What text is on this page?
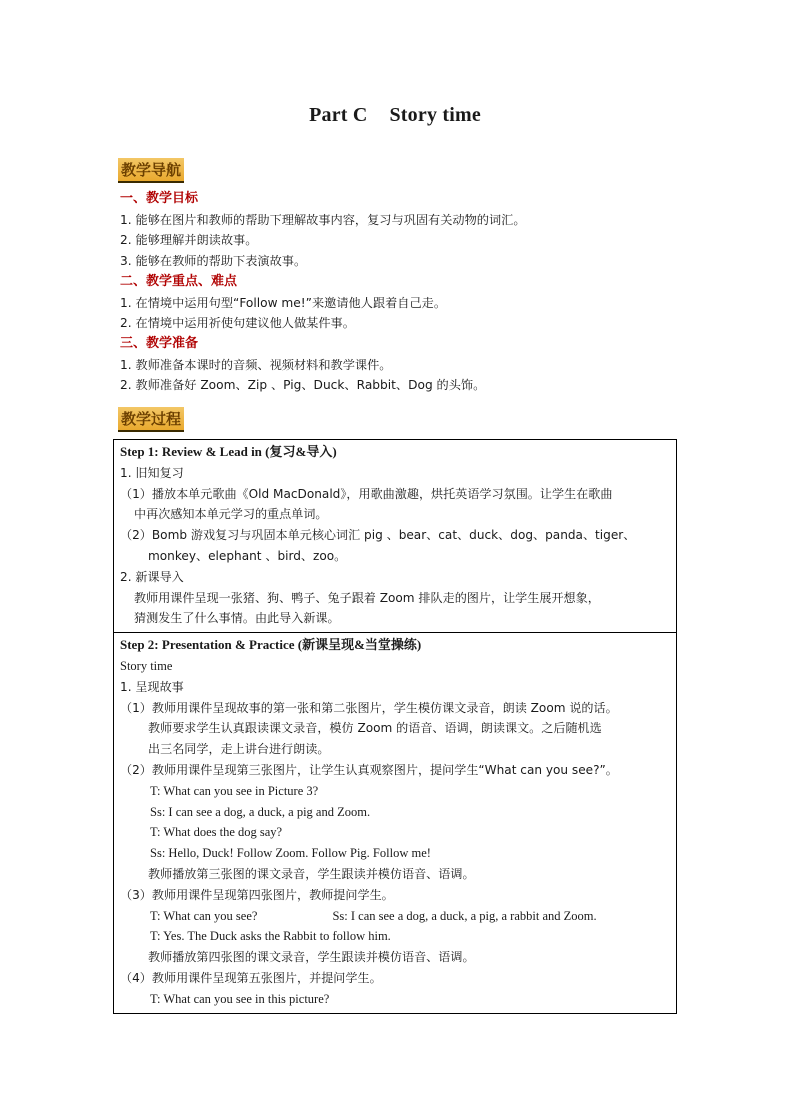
Part C Story time
教学导航
一、教学目标
1. 能够在图片和教师的帮助下理解故事内容，复习与巩固有关动物的词汇。
2. 能够理解并朗读故事。
3. 能够在教师的帮助下表演故事。
二、教学重点、难点
1. 在情境中运用句型“Follow me!”来邀请他人跟着自己走。
2. 在情境中运用祈使句建议他人做某件事。
三、教学准备
1. 教师准备本课时的音频、视频材料和教学课件。
2. 教师准备好 Zoom、Zip 、Pig、Duck、Rabbit、Dog 的头饰。
教学过程
Step 1: Review & Lead in (复习&导入)
1. 旧知复习
（1）播放本单元歌曲《Old MacDonald》，用歌曲激趣，烘托英语学习氛围。让学生在歌曲
中再次感知本单元学习的重点单词。
（2）Bomb 游戏复习与巩固本单元核心词汇 pig 、bear、cat、duck、dog、panda、tiger、
monkey、elephant 、bird、zoo。
2. 新课导入
教师用课件呈现一张猪、狗、鸭子、兔子跟着 Zoom 排队走的图片，让学生展开想象，
猜测发生了什么事情。由此导入新课。
Step 2: Presentation & Practice (新课呈现&当堂操练)
Story time
1. 呈现故事
（1）教师用课件呈现故事的第一张和第二张图片，学生模仿课文录音，朗读 Zoom 说的话。
教师要求学生认真跟读课文录音，模仿 Zoom 的语音、语调，朗读课文。之后随机选
出三名同学，走上讲台进行朗读。
（2）教师用课件呈现第三张图片，让学生认真观察图片，提问学生“What can you see?”。
T: What can you see in Picture 3?
Ss: I can see a dog, a duck, a pig and Zoom.
T: What does the dog say?
Ss: Hello, Duck! Follow Zoom. Follow Pig. Follow me!
教师播放第三张图的课文录音，学生跟读并模仿语音、语调。
（3）教师用课件呈现第四张图片，教师提问学生。
T: What can you see?	Ss: I can see a dog, a duck, a pig, a rabbit and Zoom.
T: Yes. The Duck asks the Rabbit to follow him.
教师播放第四张图的课文录音，学生跟读并模仿语音、语调。
（4）教师用课件呈现第五张图片，并提问学生。
T: What can you see in this picture?
